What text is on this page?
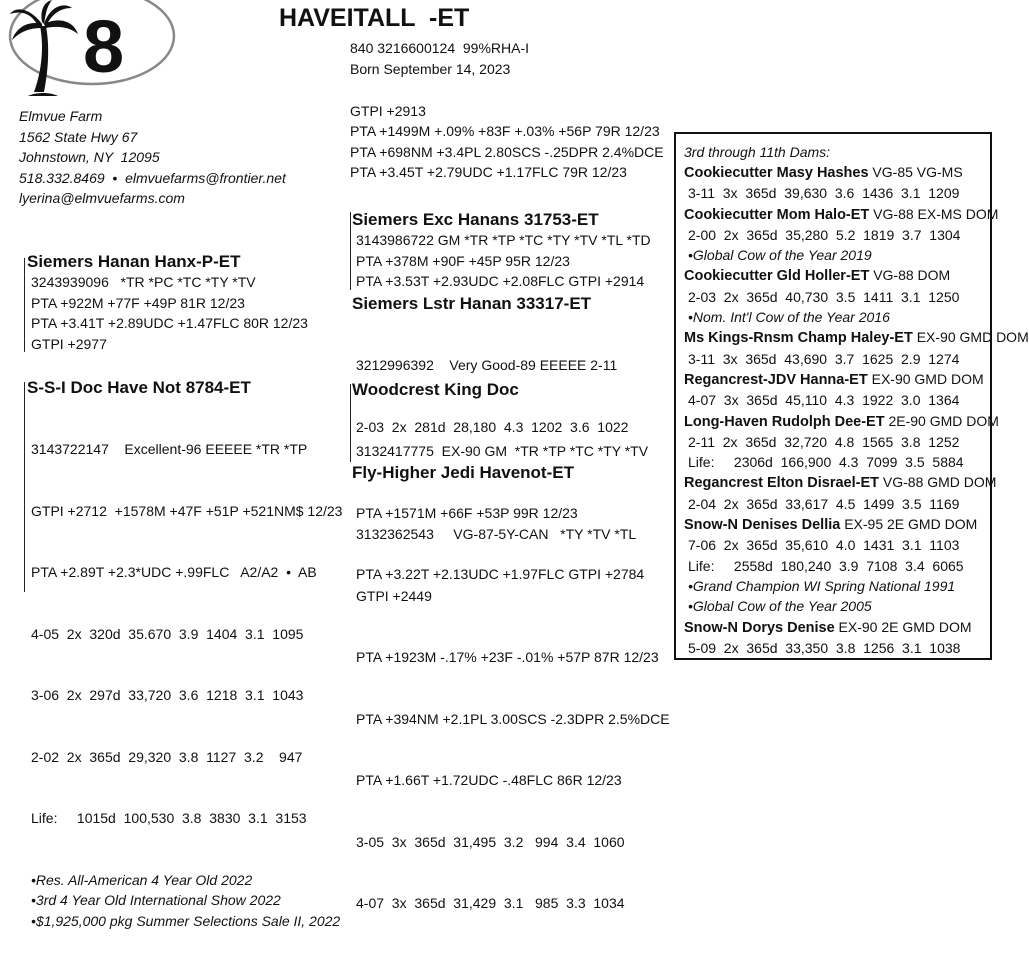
8	HAVEITALL  -ET
840 3216600124  99%RHA-I
Born September 14, 2023
GTPI +2913
PTA +1499M +.09% +83F +.03% +56P 79R 12/23
PTA +698NM +3.4PL 2.80SCS -.25DPR 2.4%DCE
PTA +3.45T +2.79UDC +1.17FLC 79R 12/23
Elmvue Farm
1562 State Hwy 67
Johnstown, NY  12095
518.332.8469  •  elmvuefarms@frontier.net
lyerina@elmvuefarms.com
Siemers Hanan Hanx-P-ET
3243939096   *TR *PC *TC *TY *TV
PTA +922M +77F +49P 81R 12/23
PTA +3.41T +2.89UDC +1.47FLC 80R 12/23
GTPI +2977
S-S-I Doc Have Not 8784-ET

3143722147    Excellent-96 EEEEE *TR *TP

GTPI +2712  +1578M +47F +51P +521NM$ 12/23

PTA +2.89T +2.3*UDC +.99FLC   A2/A2  •  AB

4-05  2x  320d  35.670  3.9  1404  3.1  1095

3-06  2x  297d  33,720  3.6  1218  3.1  1043

2-02  2x  365d  29,320  3.8  1127  3.2    947

Life:     1015d  100,530  3.8  3830  3.1  3153

•Res. All-American 4 Year Old 2022
•3rd 4 Year Old International Show 2022
•$1,925,000 pkg Summer Selections Sale II, 2022
Siemers Exc Hanans 31753-ET
3143986722 GM *TR *TP *TC *TY *TV *TL *TD
PTA +378M +90F +45P 95R 12/23
PTA +3.53T +2.93UDC +2.08FLC GTPI +2914
Siemers Lstr Hanan 33317-ET

3212996392    Very Good-89 EEEEE 2-11

2-03  2x  281d  28,180  4.3  1202  3.6  1022

Woodcrest King Doc

3132417775  EX-90 GM  *TR *TP *TC *TY *TV

PTA +1571M +66F +53P 99R 12/23

PTA +3.22T +2.13UDC +1.97FLC GTPI +2784

Fly-Higher Jedi Havenot-ET

3132362543     VG-87-5Y-CAN   *TY *TV *TL

GTPI +2449

PTA +1923M -.17% +23F -.01% +57P 87R 12/23

PTA +394NM +2.1PL 3.00SCS -2.3DPR 2.5%DCE

PTA +1.66T +1.72UDC -.48FLC 86R 12/23

3-05  3x  365d  31,495  3.2   994  3.4  1060

4-07  3x  365d  31,429  3.1   985  3.3  1034

3rd through 11th Dams:
Cookiecutter Masy Hashes VG-85 VG-MS
3-11  3x  365d  39,630  3.6  1436  3.1  1209
Cookiecutter Mom Halo-ET VG-88 EX-MS DOM
2-00  2x  365d  35,280  5.2  1819  3.7  1304
•Global Cow of the Year 2019
Cookiecutter Gld Holler-ET VG-88 DOM
2-03  2x  365d  40,730  3.5  1411  3.1  1250
•Nom. Int'l Cow of the Year 2016
Ms Kings-Rnsm Champ Haley-ET EX-90 GMD DOM
3-11  3x  365d  43,690  3.7  1625  2.9  1274
Regancrest-JDV Hanna-ET EX-90 GMD DOM
4-07  3x  365d  45,110  4.3  1922  3.0  1364
Long-Haven Rudolph Dee-ET 2E-90 GMD DOM
2-11  2x  365d  32,720  4.8  1565  3.8  1252
Life:     2306d  166,900  4.3  7099  3.5  5884
Regancrest Elton Disrael-ET VG-88 GMD DOM
2-04  2x  365d  33,617  4.5  1499  3.5  1169
Snow-N Denises Dellia EX-95 2E GMD DOM
7-06  2x  365d  35,610  4.0  1431  3.1  1103
Life:     2558d  180,240  3.9  7108  3.4  6065
•Grand Champion WI Spring National 1991
•Global Cow of the Year 2005
Snow-N Dorys Denise EX-90 2E GMD DOM
5-09  2x  365d  33,350  3.8  1256  3.1  1038
